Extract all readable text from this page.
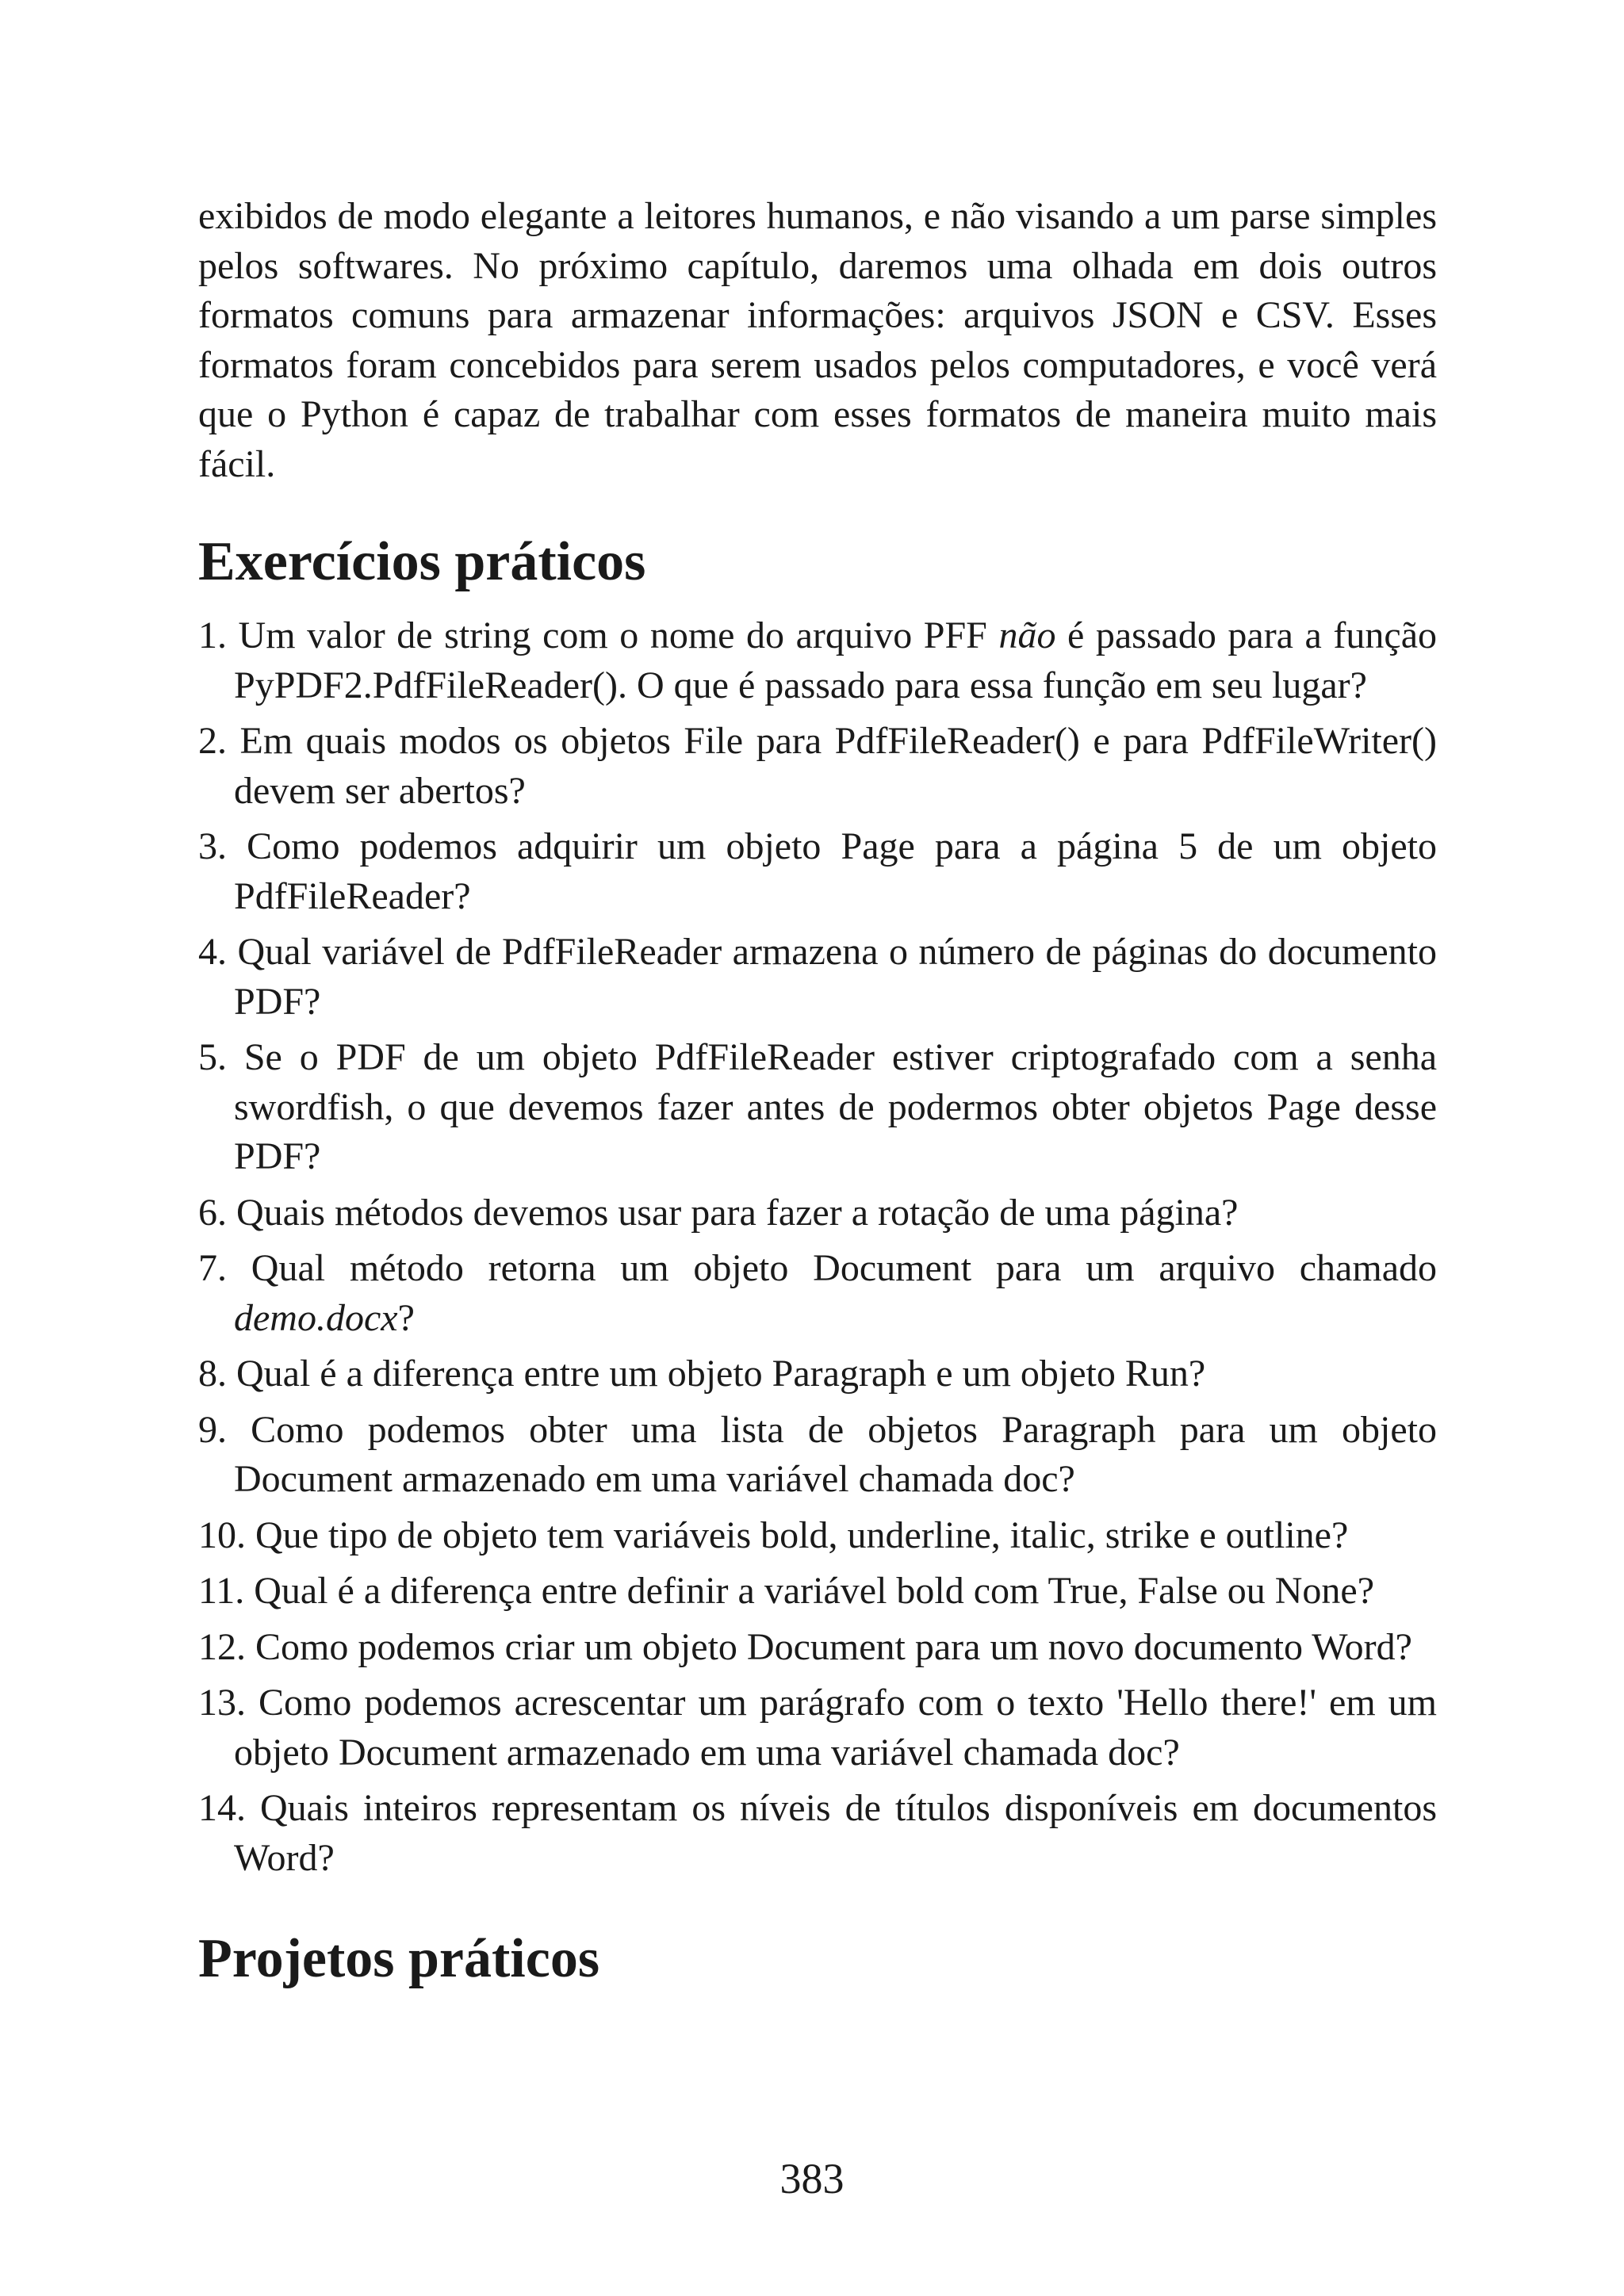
exibidos de modo elegante a leitores humanos, e não visando a um parse simples pelos softwares. No próximo capítulo, daremos uma olhada em dois outros formatos comuns para armazenar informações: arquivos JSON e CSV. Esses formatos foram concebidos para serem usados pelos computadores, e você verá que o Python é capaz de trabalhar com esses formatos de maneira muito mais fácil.

Exercícios práticos
1. Um valor de string com o nome do arquivo PFF não é passado para a função PyPDF2.PdfFileReader(). O que é passado para essa função em seu lugar?
2. Em quais modos os objetos File para PdfFileReader() e para PdfFileWriter() devem ser abertos?
3. Como podemos adquirir um objeto Page para a página 5 de um objeto PdfFileReader?
4. Qual variável de PdfFileReader armazena o número de páginas do documento PDF?
5. Se o PDF de um objeto PdfFileReader estiver criptografado com a senha swordfish, o que devemos fazer antes de podermos obter objetos Page desse PDF?
6. Quais métodos devemos usar para fazer a rotação de uma página?
7. Qual método retorna um objeto Document para um arquivo chamado demo.docx?
8. Qual é a diferença entre um objeto Paragraph e um objeto Run?
9. Como podemos obter uma lista de objetos Paragraph para um objeto Document armazenado em uma variável chamada doc?
10. Que tipo de objeto tem variáveis bold, underline, italic, strike e outline?
11. Qual é a diferença entre definir a variável bold com True, False ou None?
12. Como podemos criar um objeto Document para um novo documento Word?
13. Como podemos acrescentar um parágrafo com o texto 'Hello there!' em um objeto Document armazenado em uma variável chamada doc?
14. Quais inteiros representam os níveis de títulos disponíveis em documentos Word?
Projetos práticos
383
